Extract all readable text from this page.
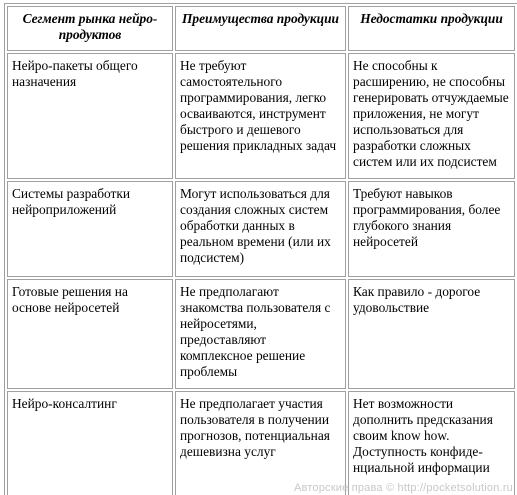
Сегмент рынка нейро-продуктов	Преимущества продукции	Недостатки продукции
Нейро-пакеты общего назначения	Не требуют самостоятельного программирования, легко осваиваются, инструмент быстрого и дешевого решения прикладных задач	Не способны к расширению, не способны генерировать отчуждаемые приложения, не могут использоваться для разработки сложных систем или их подсистем
Системы разработки нейроприложений	Могут использоваться для создания сложных систем обработки данных в реальном времени (или их подсистем)	Требуют навыков программирования, более глубокого знания нейросетей
Готовые решения на основе нейросетей	Не предполагают знакомства пользователя с нейросетями, предоставляют комплексное решение проблемы	Как правило - дорогое удовольствие
Нейро-консалтинг	Не предполагает участия пользователя в получении прогнозов, потенциальная дешевизна услуг	Нет возможности дополнить предсказания своим know how. Доступность конфиде-нциальной информации
Авторские права © http://pocketsolution.ru
